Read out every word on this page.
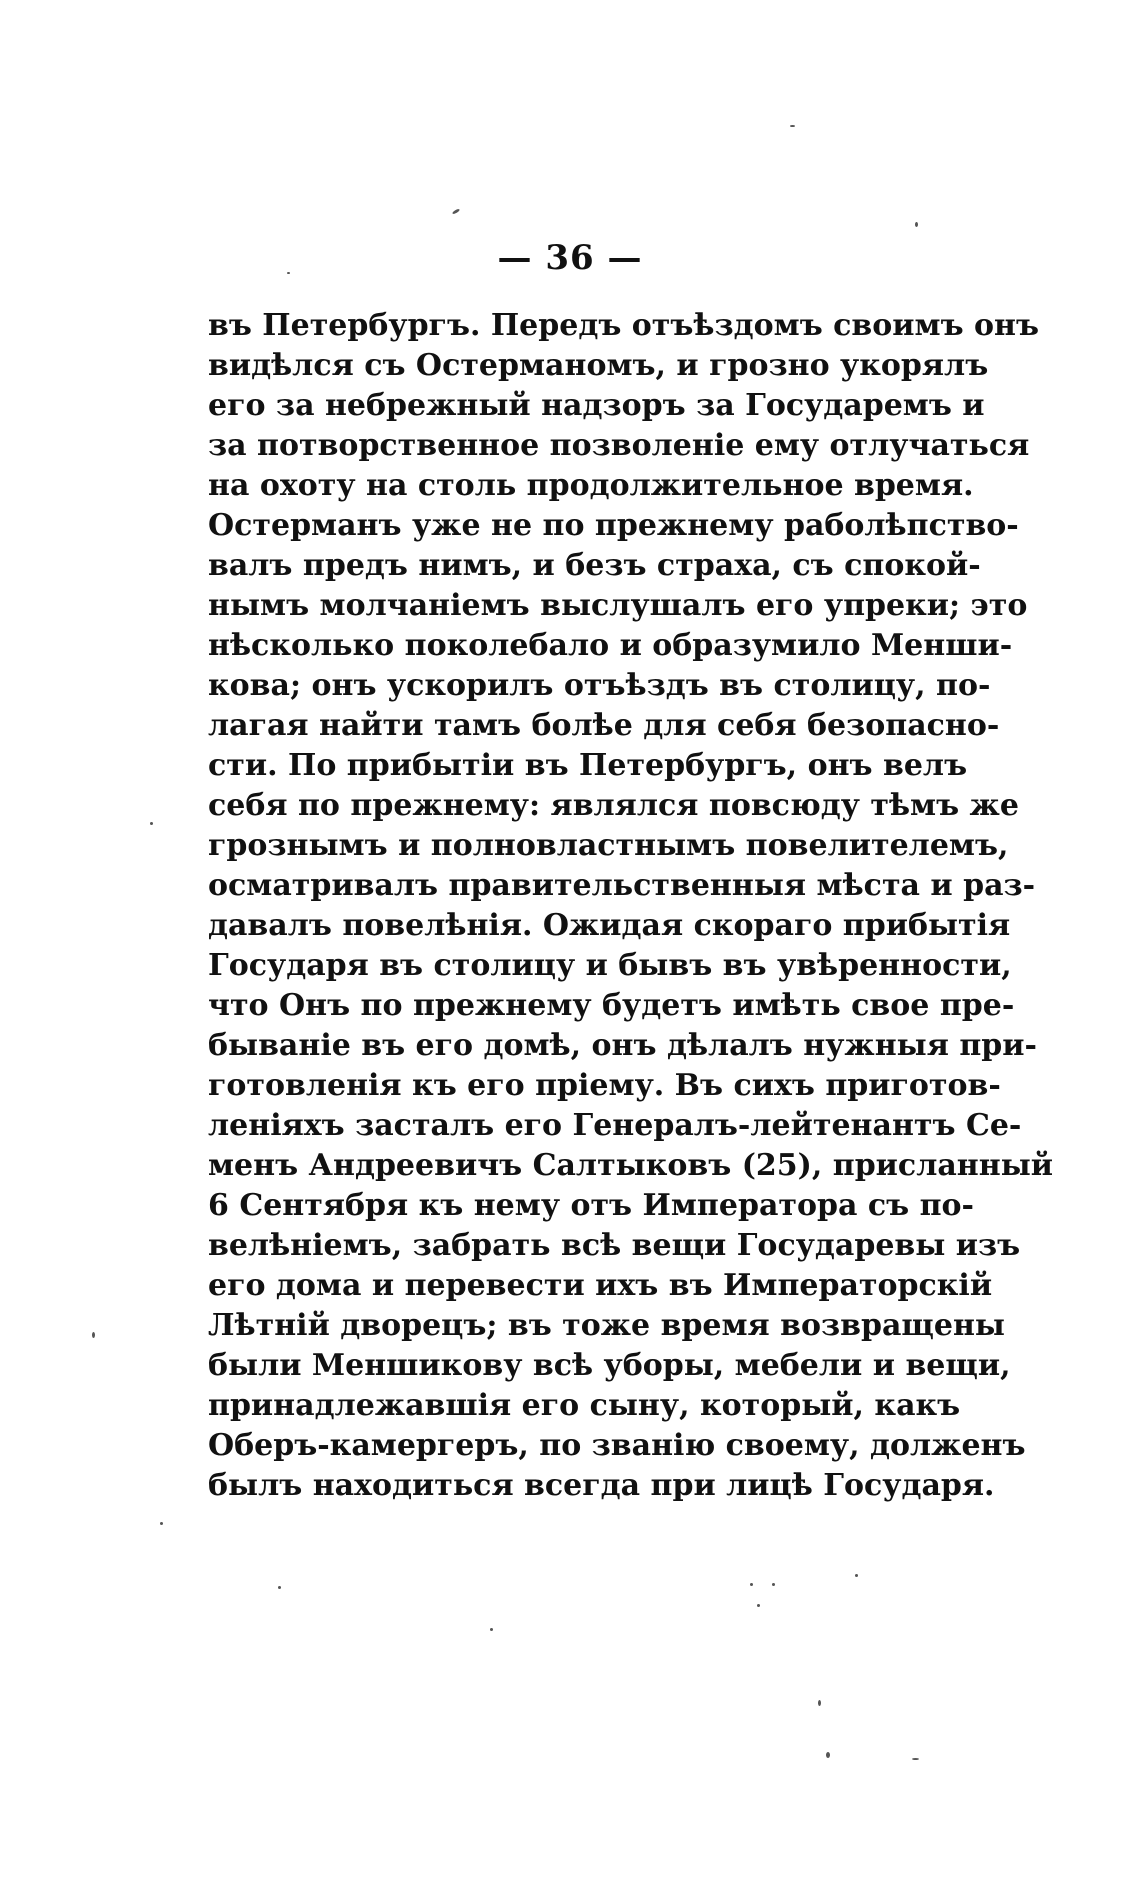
— 36 —
въ Петербургъ. Передъ отъѣздомъ своимъ онъ
видѣлся съ Остерманомъ, и грозно укорялъ
его за небрежный надзоръ за Государемъ и
за потворственное позволеніе ему отлучаться
на охоту на столь продолжительное время.
Остерманъ уже не по прежнему раболѣпство-
валъ предъ нимъ, и безъ страха, съ спокой-
нымъ молчаніемъ выслушалъ его упреки; это
нѣсколько поколебало и образумило Менши-
кова; онъ ускорилъ отъѣздъ въ столицу, по-
лагая найти тамъ болѣе для себя безопасно-
сти. По прибытіи въ Петербургъ, онъ велъ
себя по прежнему: являлся повсюду тѣмъ же
грознымъ и полновластнымъ повелителемъ,
осматривалъ правительственныя мѣста и раз-
давалъ повелѣнія. Ожидая скораго прибытія
Государя въ столицу и бывъ въ увѣренности,
что Онъ по прежнему будетъ имѣть свое пре-
бываніе въ его домѣ, онъ дѣлалъ нужныя при-
готовленія къ его пріему. Въ сихъ приготов-
леніяхъ засталъ его Генералъ-лейтенантъ Се-
менъ Андреевичъ Салтыковъ (25), присланный
6 Сентября къ нему отъ Императора съ по-
велѣніемъ, забрать всѣ вещи Государевы изъ
его дома и перевести ихъ въ Императорскій
Лѣтній дворецъ; въ тоже время возвращены
были Меншикову всѣ уборы, мебели и вещи,
принадлежавшія его сыну, который, какъ
Оберъ-камергеръ, по званію своему, долженъ
былъ находиться всегда при лицѣ Государя.
